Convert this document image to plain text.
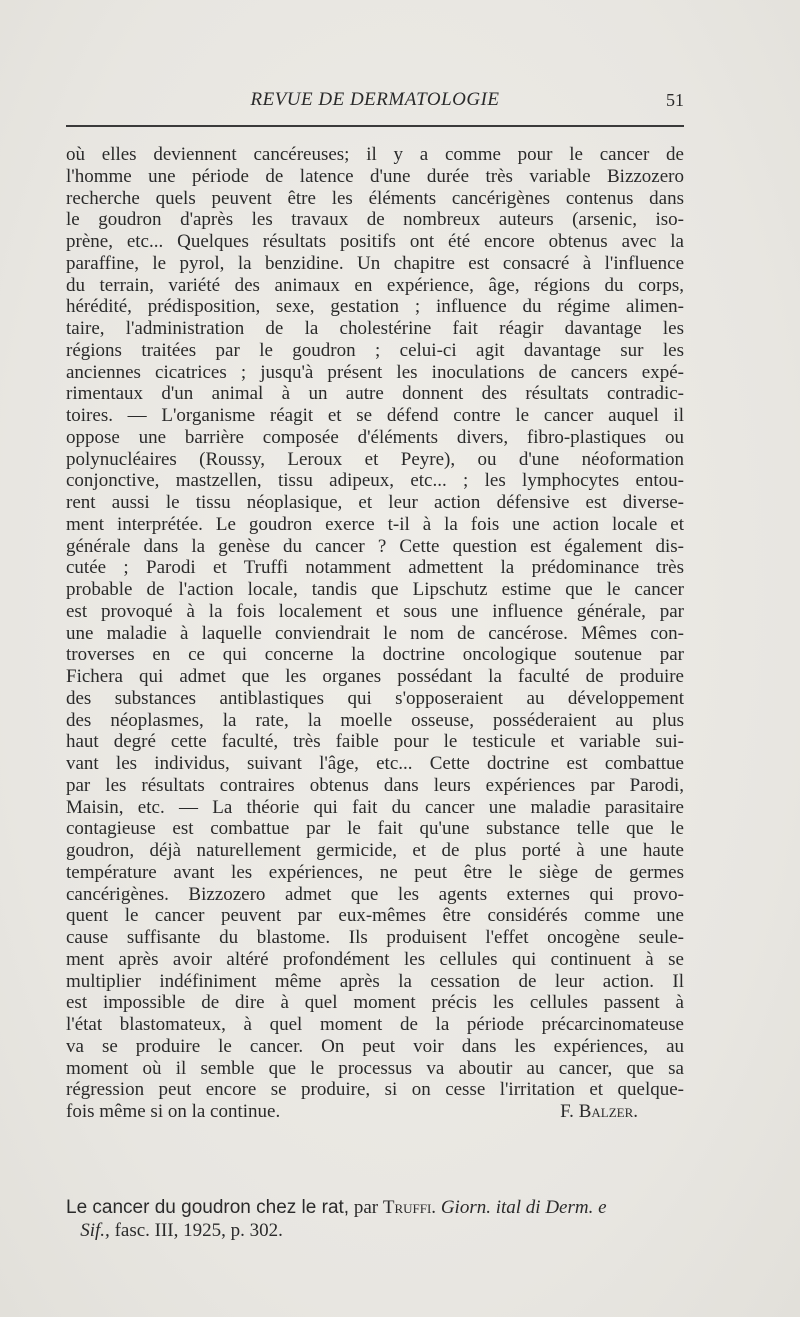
REVUE DE DERMATOLOGIE	51
où elles deviennent cancéreuses; il y a comme pour le cancer de
l'homme une période de latence d'une durée très variable Bizzozero
recherche quels peuvent être les éléments cancérigènes contenus dans
le goudron d'après les travaux de nombreux auteurs (arsenic, iso-
prène, etc... Quelques résultats positifs ont été encore obtenus avec la
paraffine, le pyrol, la benzidine. Un chapitre est consacré à l'influence
du terrain, variété des animaux en expérience, âge, régions du corps,
hérédité, prédisposition, sexe, gestation ; influence du régime alimen-
taire, l'administration de la cholestérine fait réagir davantage les
régions traitées par le goudron ; celui-ci agit davantage sur les
anciennes cicatrices ; jusqu'à présent les inoculations de cancers expé-
rimentaux d'un animal à un autre donnent des résultats contradic-
toires. — L'organisme réagit et se défend contre le cancer auquel il
oppose une barrière composée d'éléments divers, fibro-plastiques ou
polynucléaires (Roussy, Leroux et Peyre), ou d'une néoformation
conjonctive, mastzellen, tissu adipeux, etc... ; les lymphocytes entou-
rent aussi le tissu néoplasique, et leur action défensive est diverse-
ment interprétée. Le goudron exerce t-il à la fois une action locale et
générale dans la genèse du cancer ? Cette question est également dis-
cutée ; Parodi et Truffi notamment admettent la prédominance très
probable de l'action locale, tandis que Lipschutz estime que le cancer
est provoqué à la fois localement et sous une influence générale, par
une maladie à laquelle conviendrait le nom de cancérose. Mêmes con-
troverses en ce qui concerne la doctrine oncologique soutenue par
Fichera qui admet que les organes possédant la faculté de produire
des substances antiblastiques qui s'opposeraient au développement
des néoplasmes, la rate, la moelle osseuse, posséderaient au plus
haut degré cette faculté, très faible pour le testicule et variable sui-
vant les individus, suivant l'âge, etc... Cette doctrine est combattue
par les résultats contraires obtenus dans leurs expériences par Parodi,
Maisin, etc. — La théorie qui fait du cancer une maladie parasitaire
contagieuse est combattue par le fait qu'une substance telle que le
goudron, déjà naturellement germicide, et de plus porté à une haute
température avant les expériences, ne peut être le siège de germes
cancérigènes. Bizzozero admet que les agents externes qui provo-
quent le cancer peuvent par eux-mêmes être considérés comme une
cause suffisante du blastome. Ils produisent l'effet oncogène seule-
ment après avoir altéré profondément les cellules qui continuent à se
multiplier indéfiniment même après la cessation de leur action. Il
est impossible de dire à quel moment précis les cellules passent à
l'état blastomateux, à quel moment de la période précarcinomateuse
va se produire le cancer. On peut voir dans les expériences, au
moment où il semble que le processus va aboutir au cancer, que sa
régression peut encore se produire, si on cesse l'irritation et quelque-
fois même si on la continue.	F. Balzer.
Le cancer du goudron chez le rat, par Truffi. Giorn. ital di Derm. e
Sif., fasc. III, 1925, p. 302.
